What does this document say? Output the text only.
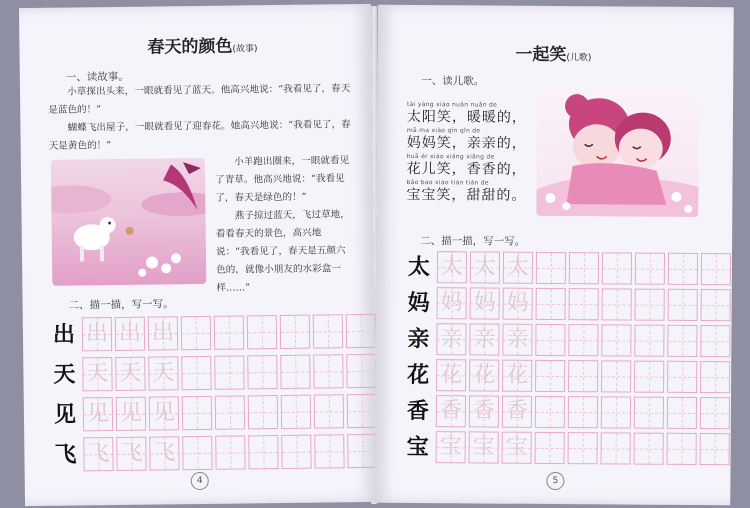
春天的颜色(故事)
一、读故事。
小草探出头来，一眼就看见了蓝天。他高兴地说：“我看见了，春天是蓝色的！”
蝴蝶飞出屋子，一眼就看见了迎春花。她高兴地说：“我看见了，春天是黄色的！”
小羊跑出圈来，一眼就看见了青草。他高兴地说：“我看见了，春天是绿色的！”
燕子掠过蓝天，飞过草地，看看春天的景色，高兴地说：“我看见了，春天是五颜六色的，就像小朋友的水彩盒一样……”
二、描一描，写一写。
出 出 出 出
天 天 天 天
见 见 见 见
飞 飞 飞 飞
4
一起笑(儿歌)
一、读儿歌。
tài yáng xiào nuǎn nuǎn de
太阳笑，暖暖的，
mā ma xiào qīn qīn de
妈妈笑，亲亲的，
huā ér xiào xiāng xiāng de
花儿笑，香香的，
bǎo bao xiào tián tián de
宝宝笑，甜甜的。
二、描一描，写一写。
太 太 太 太
妈 妈 妈 妈
亲 亲 亲 亲
花 花 花 花
香 香 香 香
宝 宝 宝 宝
5
